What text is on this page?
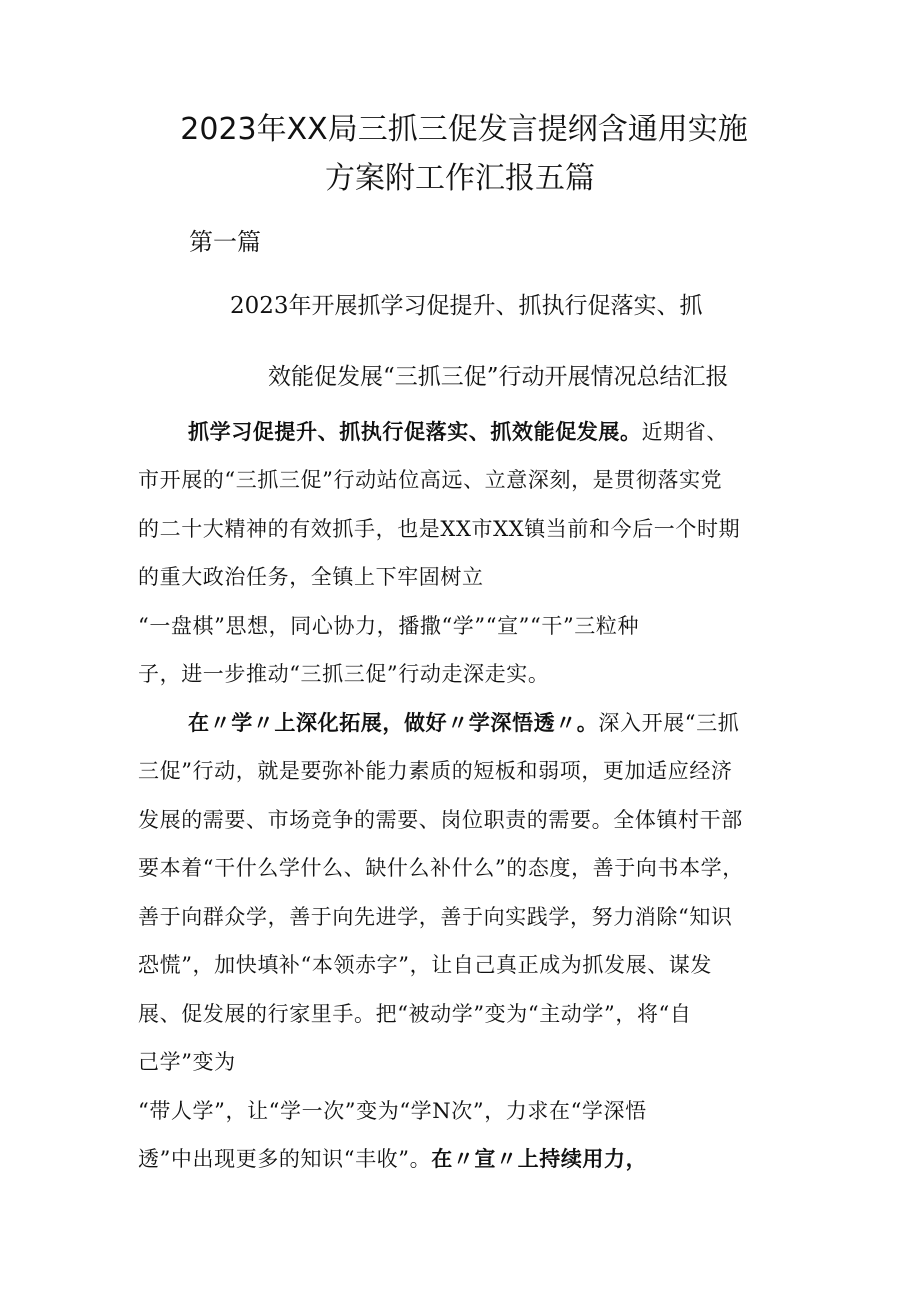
2023年XX局三抓三促发言提纲含通用实施
方案附工作汇报五篇
第一篇
2023年开展抓学习促提升、抓执行促落实、抓
效能促发展“三抓三促”行动开展情况总结汇报
抓学习促提升、抓执行促落实、抓效能促发展。近期省、
市开展的“三抓三促”行动站位高远、立意深刻，是贯彻落实党
的二十大精神的有效抓手，也是XX市XX镇当前和今后一个时期
的重大政治任务，全镇上下牢固树立
“一盘棋”思想，同心协力，播撒“学”“宣”“干”三粒种
子，进一步推动“三抓三促”行动走深走实。
在〃学〃上深化拓展，做好〃学深悟透〃。深入开展“三抓
三促”行动，就是要弥补能力素质的短板和弱项，更加适应经济
发展的需要、市场竞争的需要、岗位职责的需要。全体镇村干部
要本着“干什么学什么、缺什么补什么”的态度，善于向书本学，
善于向群众学，善于向先进学，善于向实践学，努力消除“知识
恐慌”，加快填补“本领赤字”，让自己真正成为抓发展、谋发
展、促发展的行家里手。把“被动学”变为“主动学”，将“自
己学”变为
“带人学”，让“学一次”变为“学N次”，力求在“学深悟
透”中出现更多的知识“丰收”。在〃宣〃上持续用力，
